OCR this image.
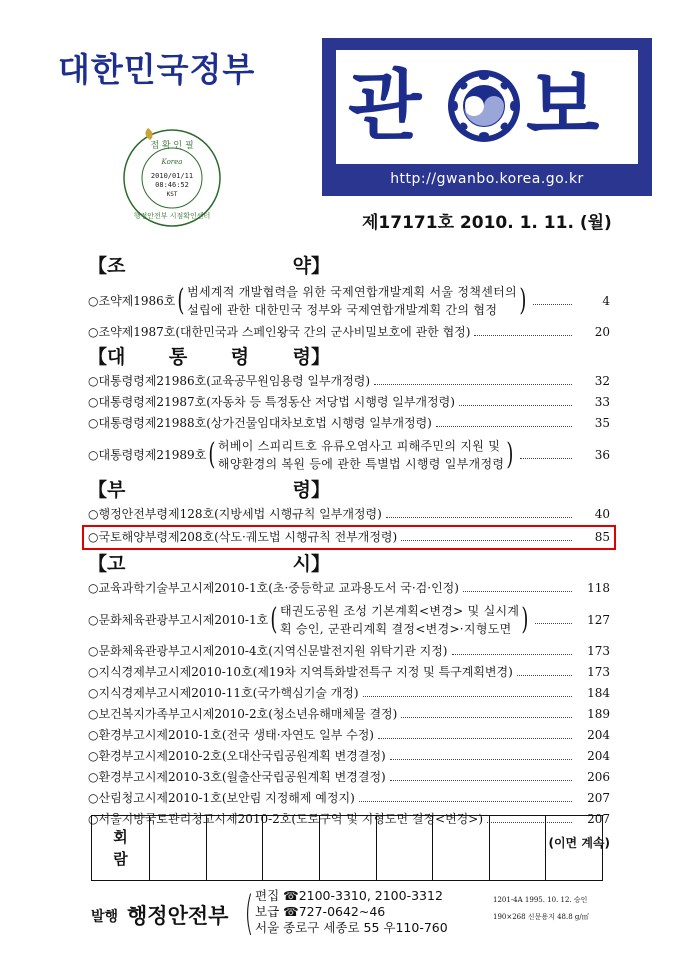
대한민국정부 관 보
http://gwanbo.korea.go.kr
접 확 인 필
Korea
2010/01/11
08:46:52
KST
행정안전부 시점확인센터	제17171호 2010. 1. 11. (월)
【조	약】
○조약제1986호 ( 범세계적 개발협력을 위한 국제연합개발계획 서울 정책센터의
설립에 관한 대한민국 정부와 국제연합개발계획 간의 협정 )	4
○조약제1987호(대한민국과 스페인왕국 간의 군사비밀보호에 관한 협정)	20
【대 통 령 령】
○대통령령제21986호(교육공무원임용령 일부개정령)	32
○대통령령제21987호(자동차 등 특정동산 저당법 시행령 일부개정령)	33
○대통령령제21988호(상가건물임대차보호법 시행령 일부개정령)	35
○대통령령제21989호 ( 허베이 스피리트호 유류오염사고 피해주민의 지원 및
해양환경의 복원 등에 관한 특별법 시행령 일부개정령 )	36
【부	령】
○행정안전부령제128호(지방세법 시행규칙 일부개정령)	40
○국토해양부령제208호(삭도·궤도법 시행규칙 전부개정령)	85
【고	시】
○교육과학기술부고시제2010-1호(초·중등학교 교과용도서 국·검·인정)	118
○문화체육관광부고시제2010-1호 ( 태권도공원 조성 기본계획<변경> 및 실시계
획 승인, 군관리계획 결정<변경>·지형도면 )	127
○문화체육관광부고시제2010-4호(지역신문발전지원 위탁기관 지정)	173
○지식경제부고시제2010-10호(제19차 지역특화발전특구 지정 및 특구계획변경)	173
○지식경제부고시제2010-11호(국가핵심기술 개정)	184
○보건복지가족부고시제2010-2호(청소년유해매체물 결정)	189
○환경부고시제2010-1호(전국 생태·자연도 일부 수정)	204
○환경부고시제2010-2호(오대산국립공원계획 변경결정)	204
○환경부고시제2010-3호(월출산국립공원계획 변경결정)	206
○산림청고시제2010-1호(보안림 지정해제 예정지)	207
○서울지방국토관리청고시제2010-2호(도로구역 및 지형도면 결정<변경>)	207
(이면 계속)
회
람
발행 행정안전부 ( 편집 ☎2100-3310, 2100-3312
보급 ☎727-0642~46
서울 종로구 세종로 55 우110-760
1201-4A 1995. 10. 12. 승인
190×268 신문용지 48.8 g/㎡
